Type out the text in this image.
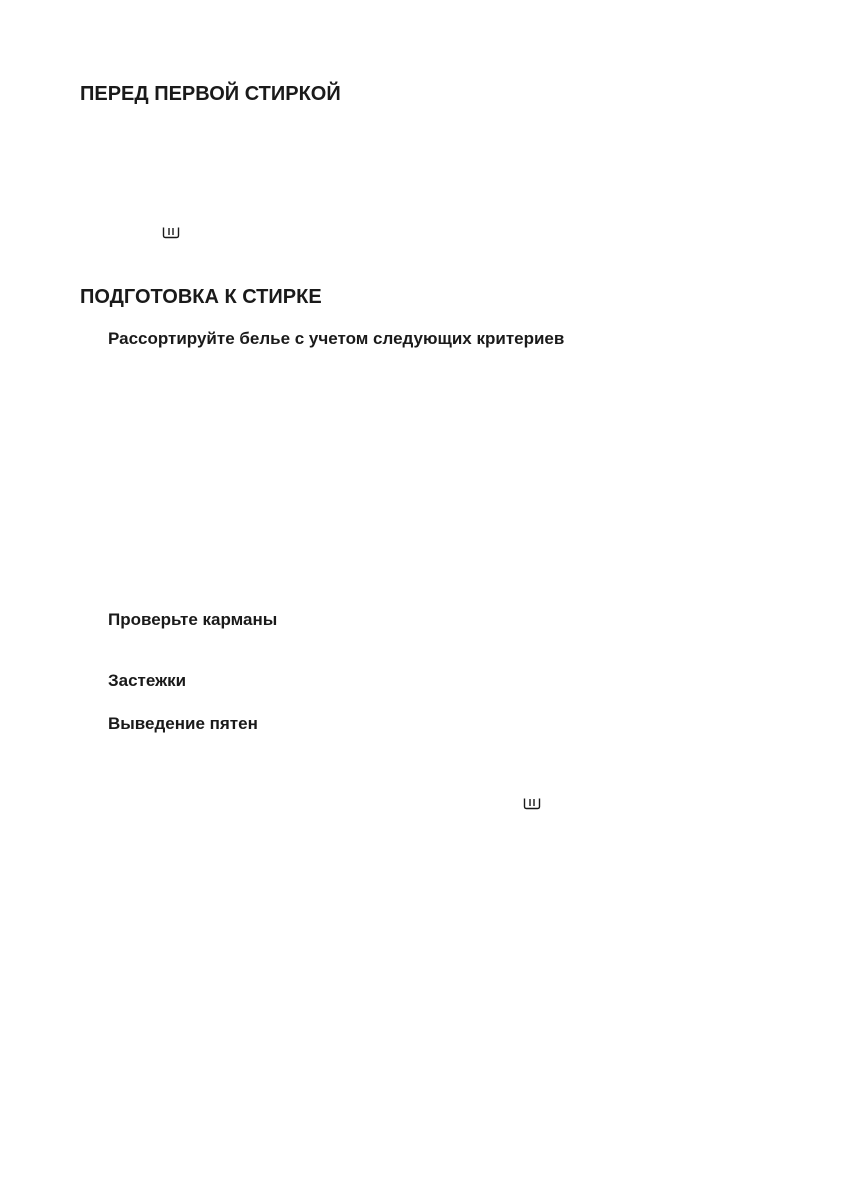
ПЕРЕД ПЕРВОЙ СТИРКОЙ
ПОДГОТОВКА К СТИРКЕ
Рассортируйте белье с учетом следующих критериев
Проверьте карманы
Застежки
Выведение пятен
